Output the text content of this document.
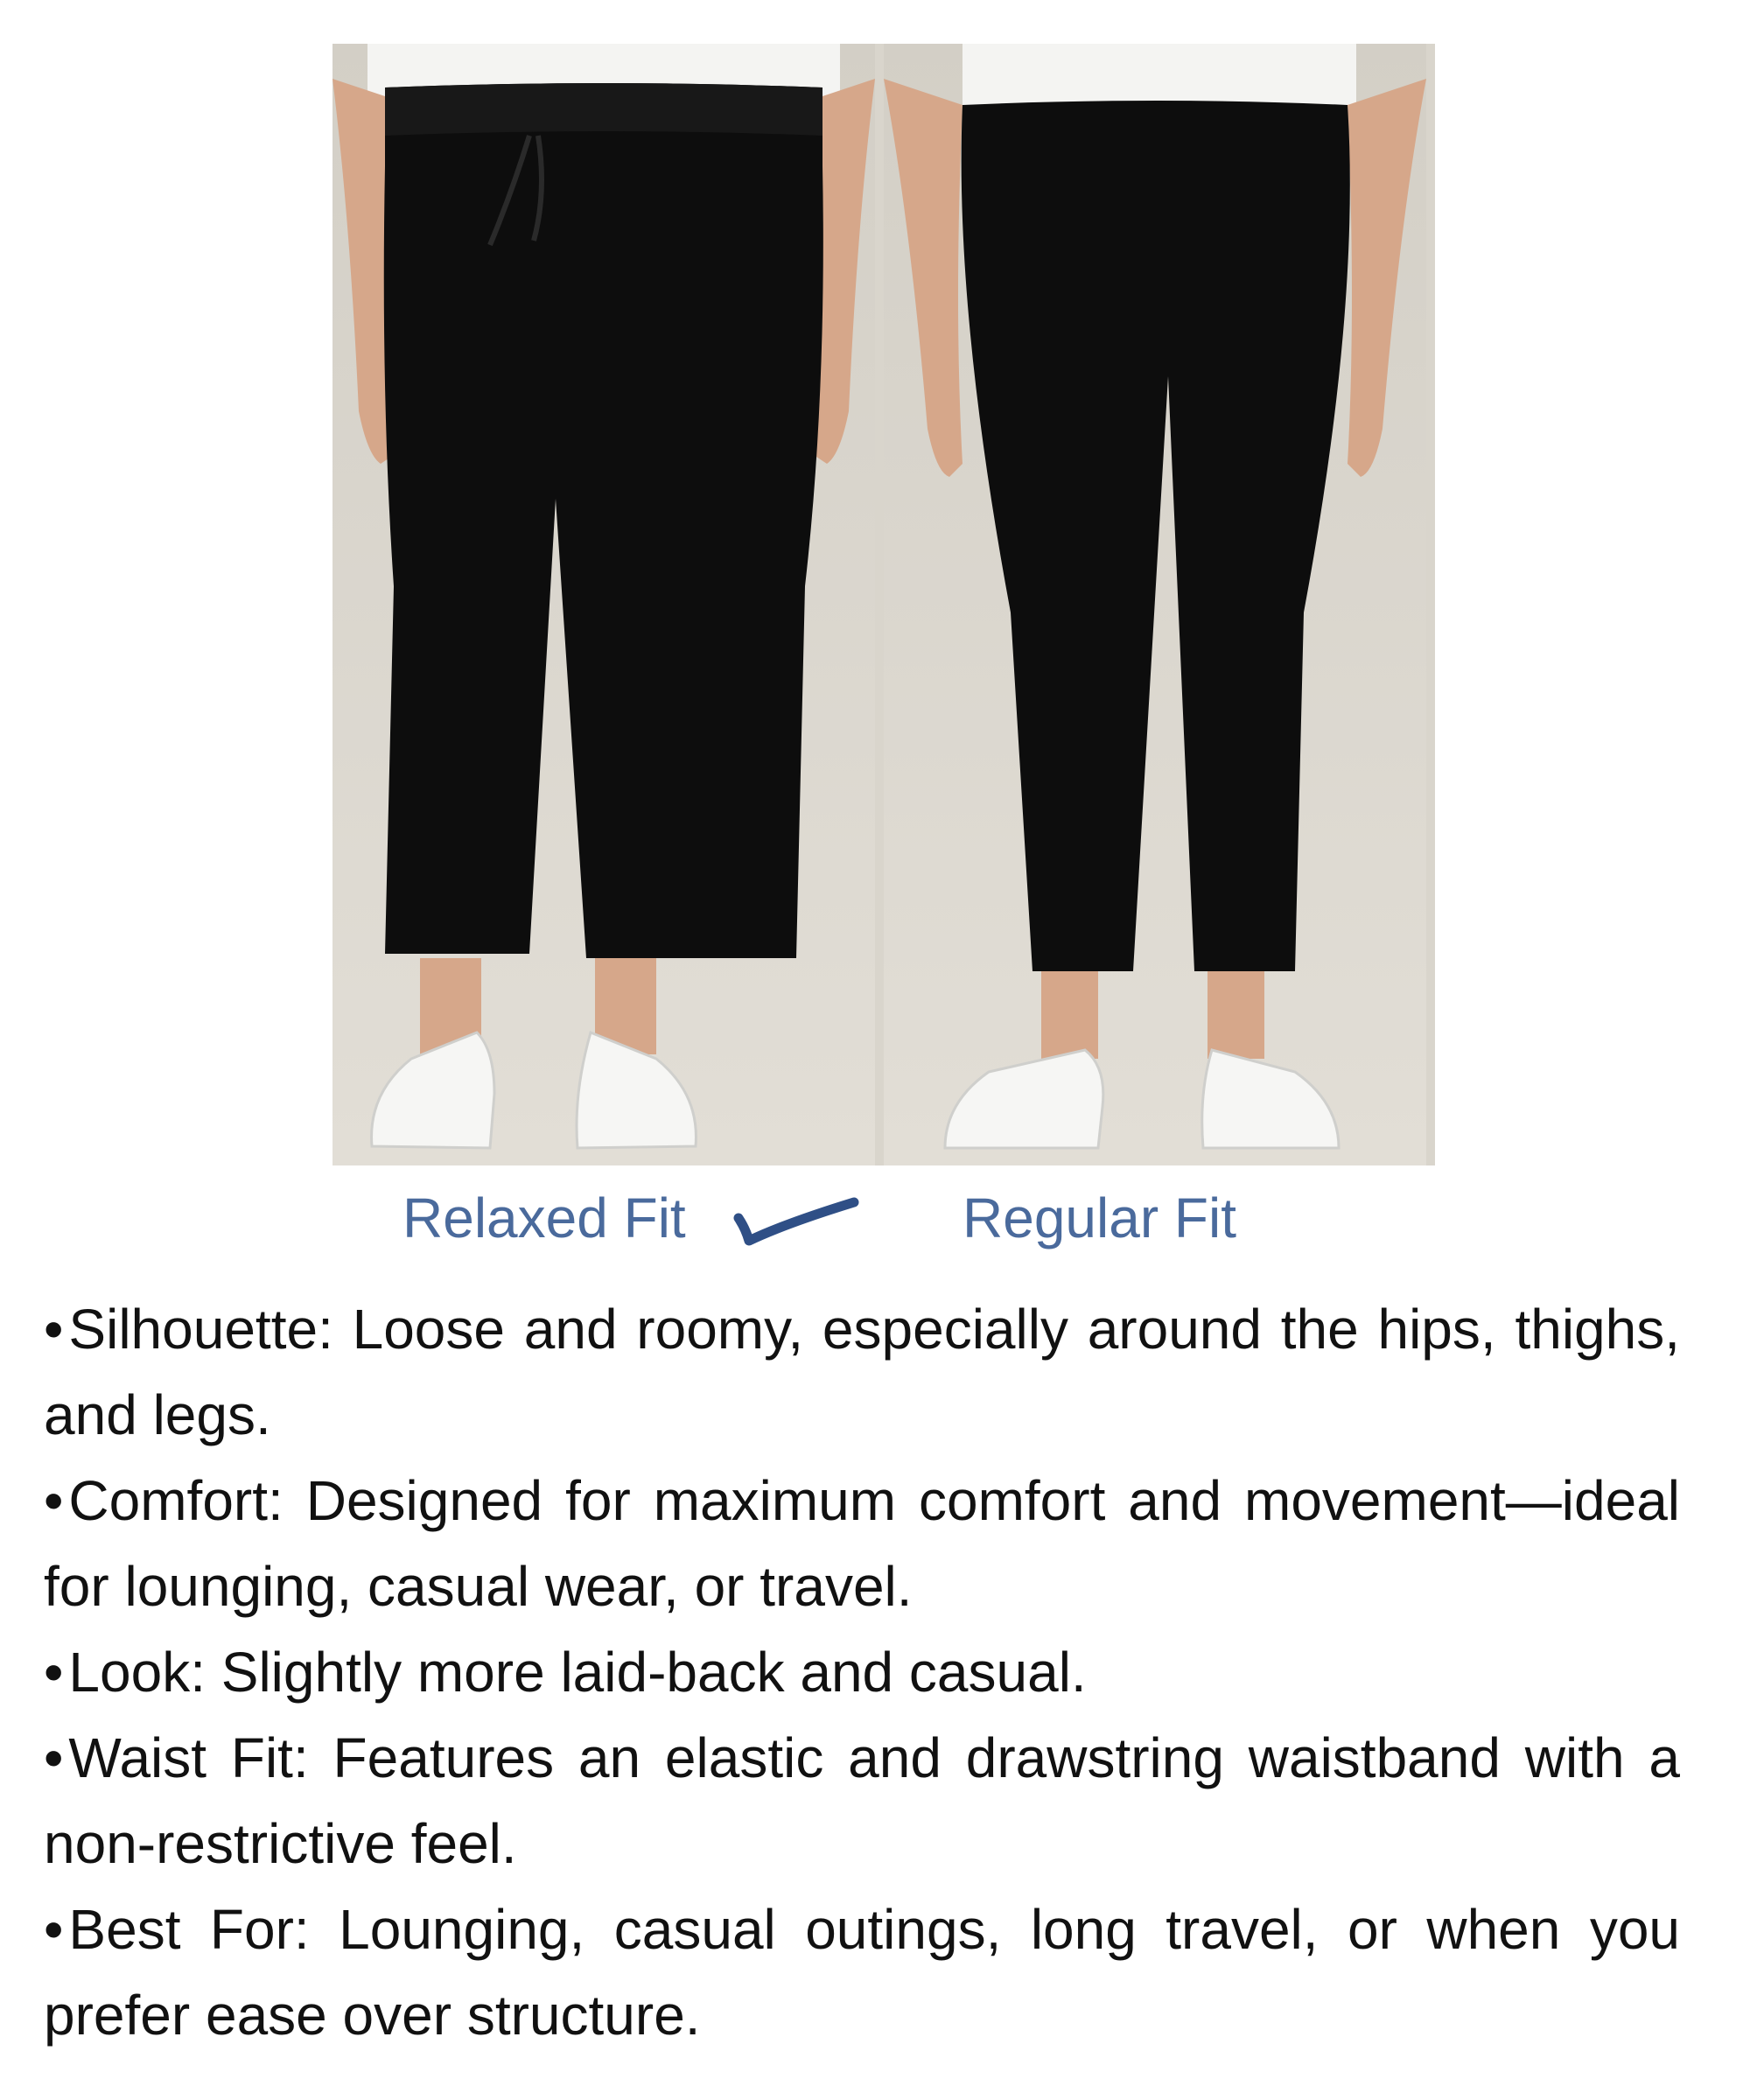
Relaxed Fit	Regular Fit
•Silhouette: Loose and roomy, especially around the hips, thighs, and legs.
•Comfort: Designed for maximum comfort and movement—ideal for lounging, casual wear, or travel.
•Look: Slightly more laid-back and casual.
•Waist Fit: Features an elastic and drawstring waistband with a non-restrictive feel.
•Best For: Lounging, casual outings, long travel, or when you prefer ease over structure.
